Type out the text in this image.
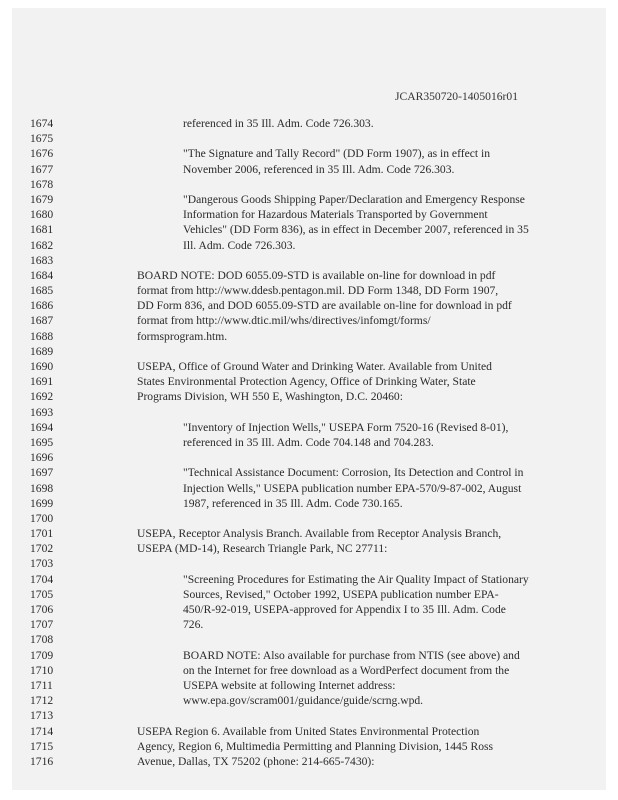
JCAR350720-1405016r01
1674	referenced in 35 Ill. Adm. Code 726.303.
1675
1676	"The Signature and Tally Record" (DD Form 1907), as in effect in
1677	November 2006, referenced in 35 Ill. Adm. Code 726.303.
1678
1679	"Dangerous Goods Shipping Paper/Declaration and Emergency Response
1680	Information for Hazardous Materials Transported by Government
1681	Vehicles" (DD Form 836), as in effect in December 2007, referenced in 35
1682	Ill. Adm. Code 726.303.
1683
1684	BOARD NOTE: DOD 6055.09-STD is available on-line for download in pdf
1685	format from http://www.ddesb.pentagon.mil. DD Form 1348, DD Form 1907,
1686	DD Form 836, and DOD 6055.09-STD are available on-line for download in pdf
1687	format from http://www.dtic.mil/whs/directives/infomgt/forms/
1688	formsprogram.htm.
1689
1690	USEPA, Office of Ground Water and Drinking Water. Available from United
1691	States Environmental Protection Agency, Office of Drinking Water, State
1692	Programs Division, WH 550 E, Washington, D.C. 20460:
1693
1694	"Inventory of Injection Wells," USEPA Form 7520-16 (Revised 8-01),
1695	referenced in 35 Ill. Adm. Code 704.148 and 704.283.
1696
1697	"Technical Assistance Document: Corrosion, Its Detection and Control in
1698	Injection Wells," USEPA publication number EPA-570/9-87-002, August
1699	1987, referenced in 35 Ill. Adm. Code 730.165.
1700
1701	USEPA, Receptor Analysis Branch. Available from Receptor Analysis Branch,
1702	USEPA (MD-14), Research Triangle Park, NC 27711:
1703
1704	"Screening Procedures for Estimating the Air Quality Impact of Stationary
1705	Sources, Revised," October 1992, USEPA publication number EPA-
1706	450/R-92-019, USEPA-approved for Appendix I to 35 Ill. Adm. Code
1707	726.
1708
1709	BOARD NOTE: Also available for purchase from NTIS (see above) and
1710	on the Internet for free download as a WordPerfect document from the
1711	USEPA website at following Internet address:
1712	www.epa.gov/scram001/guidance/guide/scrng.wpd.
1713
1714	USEPA Region 6. Available from United States Environmental Protection
1715	Agency, Region 6, Multimedia Permitting and Planning Division, 1445 Ross
1716	Avenue, Dallas, TX 75202 (phone: 214-665-7430):
